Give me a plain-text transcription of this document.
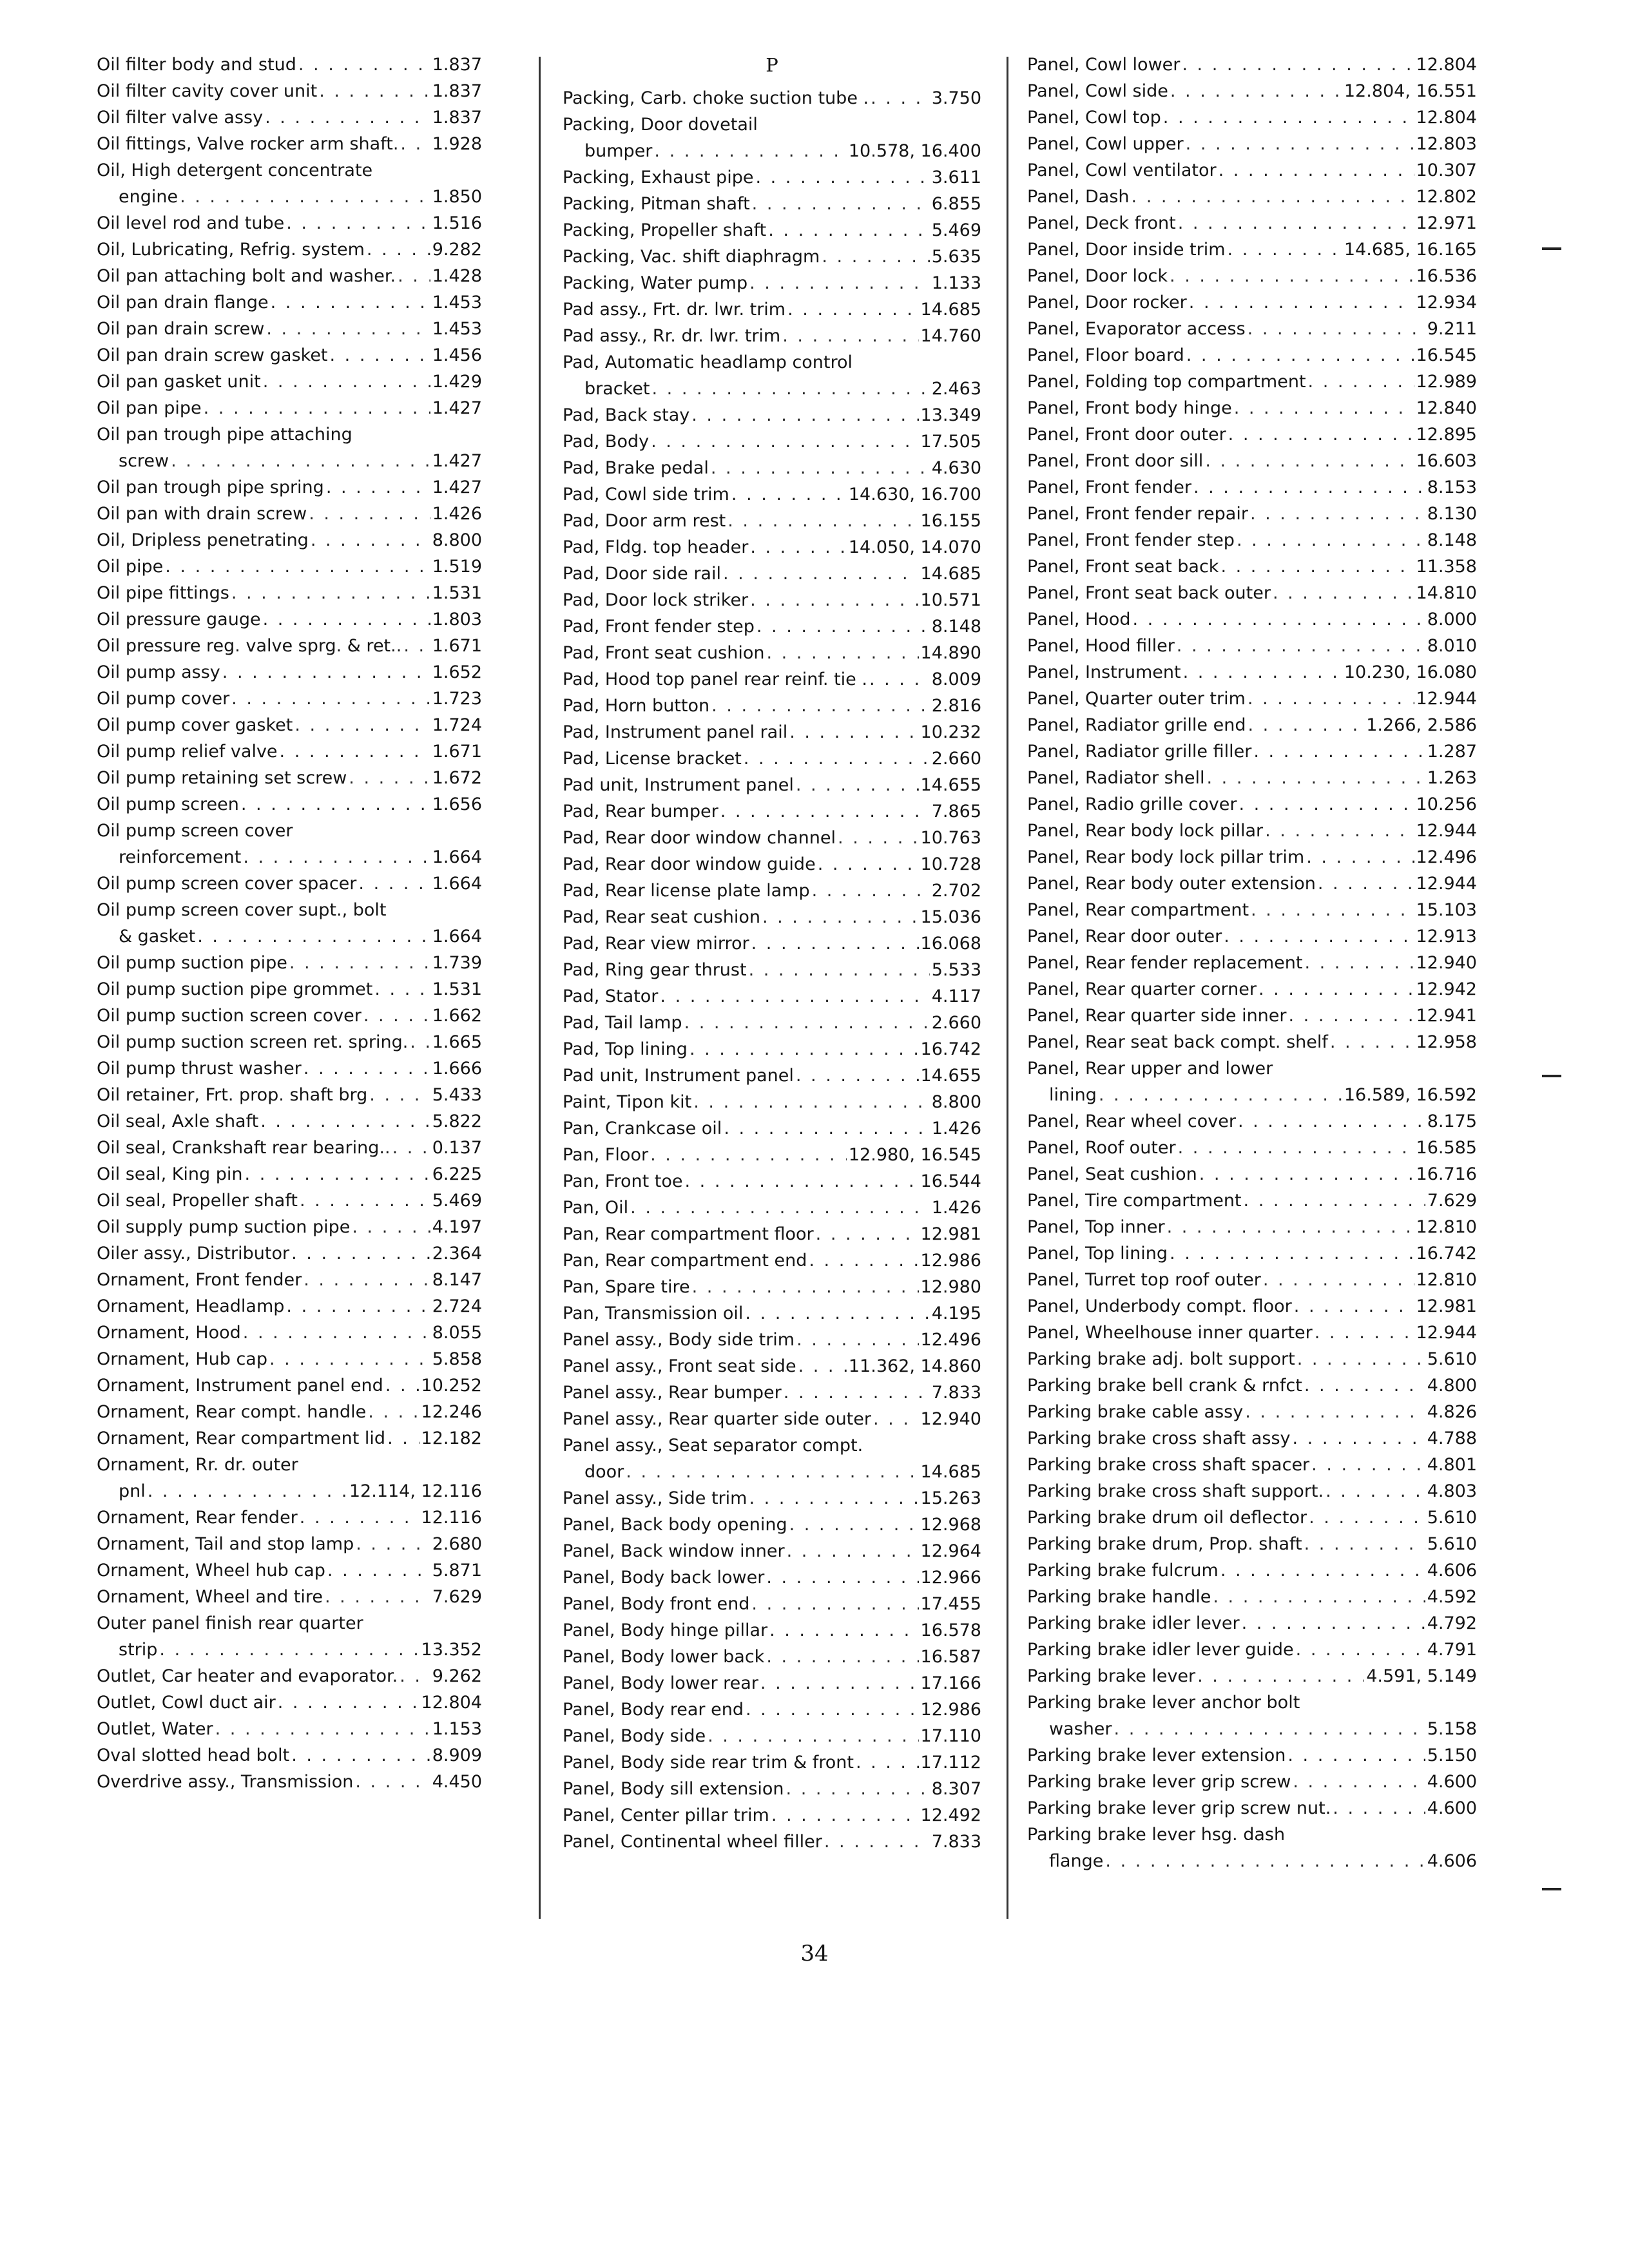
Oil filter body and stud . . .	1.837
Oil filter cavity cover unit . . .	1.837
Oil filter valve assy . . .	1.837
Oil fittings, Valve rocker arm shaft. . . . 1.928
Oil, High detergent concentrate
engine . . .	1.850
Oil level rod and tube . . .	1.516
Oil, Lubricating, Refrig. system . . .	9.282
Oil pan attaching bolt and washer. . . . 1.428
Oil pan drain flange . . .	1.453
Oil pan drain screw . . .	1.453
Oil pan drain screw gasket . . .	1.456
Oil pan gasket unit . . .	1.429
Oil pan pipe . . .	1.427
Oil pan trough pipe attaching
screw . . .	1.427
Oil pan trough pipe spring . . .	1.427
Oil pan with drain screw . . .	1.426
Oil, Dripless penetrating . . .	8.800
Oil pipe . . .	1.519
Oil pipe fittings . . .	1.531
Oil pressure gauge . . .	1.803
Oil pressure reg. valve sprg. & ret.. . . . 1.671
Oil pump assy . . .	1.652
Oil pump cover . . .	1.723
Oil pump cover gasket . . .	1.724
Oil pump relief valve . . .	1.671
Oil pump retaining set screw . . .	1.672
Oil pump screen . . .	1.656
Oil pump screen cover
reinforcement . . .	1.664
Oil pump screen cover spacer . . .	1.664
Oil pump screen cover supt., bolt
& gasket . . .	1.664
Oil pump suction pipe . . .	1.739
Oil pump suction pipe grommet . . .	1.531
Oil pump suction screen cover . . .	1.662
Oil pump suction screen ret. spring. . . . 1.665
Oil pump thrust washer . . .	1.666
Oil retainer, Frt. prop. shaft brg . . .	5.433
Oil seal, Axle shaft . . .	5.822
Oil seal, Crankshaft rear bearing.. . . . 0.137
Oil seal, King pin . . .	6.225
Oil seal, Propeller shaft . . .	5.469
Oil supply pump suction pipe . . .	4.197
Oiler assy., Distributor . . .	2.364
Ornament, Front fender . . .	8.147
Ornament, Headlamp . . .	2.724
Ornament, Hood . . .	8.055
Ornament, Hub cap . . .	5.858
Ornament, Instrument panel end . . . 10.252
Ornament, Rear compt. handle . . .	12.246
Ornament, Rear compartment lid . . . 12.182
Ornament, Rr. dr. outer
pnl . . .	12.114, 12.116
Ornament, Rear fender . . .	12.116
Ornament, Tail and stop lamp . . .	2.680
Ornament, Wheel hub cap . . .	5.871
Ornament, Wheel and tire . . .	7.629
Outer panel finish rear quarter
strip . . .	13.352
Outlet, Car heater and evaporator. . . . 9.262
Outlet, Cowl duct air . . .	12.804
Outlet, Water . . .	1.153
Oval slotted head bolt . . .	8.909
Overdrive assy., Transmission . . .	4.450
P
Packing, Carb. choke suction tube . . . .	3.750
Packing, Door dovetail
bumper . . .	10.578, 16.400
Packing, Exhaust pipe . . .	3.611
Packing, Pitman shaft . . .	6.855
Packing, Propeller shaft . . .	5.469
Packing, Vac. shift diaphragm . . .	5.635
Packing, Water pump . . .	1.133
Pad assy., Frt. dr. lwr. trim . . .	14.685
Pad assy., Rr. dr. lwr. trim . . .	14.760
Pad, Automatic headlamp control
bracket . . .	2.463
Pad, Back stay . . .	13.349
Pad, Body . . .	17.505
Pad, Brake pedal . . .	4.630
Pad, Cowl side trim . . .	14.630, 16.700
Pad, Door arm rest . . .	16.155
Pad, Fldg. top header . . .	14.050, 14.070
Pad, Door side rail . . .	14.685
Pad, Door lock striker . . .	10.571
Pad, Front fender step . . .	8.148
Pad, Front seat cushion . . .	14.890
Pad, Hood top panel rear reinf. tie . . . .	8.009
Pad, Horn button . . .	2.816
Pad, Instrument panel rail . . .	10.232
Pad, License bracket . . .	2.660
Pad unit, Instrument panel . . .	14.655
Pad, Rear bumper . . .	7.865
Pad, Rear door window channel . . .	10.763
Pad, Rear door window guide . . .	10.728
Pad, Rear license plate lamp . . .	2.702
Pad, Rear seat cushion . . .	15.036
Pad, Rear view mirror . . .	16.068
Pad, Ring gear thrust . . .	5.533
Pad, Stator . . .	4.117
Pad, Tail lamp . . .	2.660
Pad, Top lining . . .	16.742
Pad unit, Instrument panel . . .	14.655
Paint, Tipon kit . . .	8.800
Pan, Crankcase oil . . .	1.426
Pan, Floor . . .	12.980, 16.545
Pan, Front toe . . .	16.544
Pan, Oil . . .	1.426
Pan, Rear compartment floor . . .	12.981
Pan, Rear compartment end . . .	12.986
Pan, Spare tire . . .	12.980
Pan, Transmission oil . . .	4.195
Panel assy., Body side trim . . .	12.496
Panel assy., Front seat side . . .	11.362, 14.860
Panel assy., Rear bumper . . .	7.833
Panel assy., Rear quarter side outer . . .	12.940
Panel assy., Seat separator compt.
door . . .	14.685
Panel assy., Side trim . . .	15.263
Panel, Back body opening . . .	12.968
Panel, Back window inner . . .	12.964
Panel, Body back lower . . .	12.966
Panel, Body front end . . .	17.455
Panel, Body hinge pillar . . .	16.578
Panel, Body lower back . . .	16.587
Panel, Body lower rear . . .	17.166
Panel, Body rear end . . .	12.986
Panel, Body side . . .	17.110
Panel, Body side rear trim & front . . .	17.112
Panel, Body sill extension . . .	8.307
Panel, Center pillar trim . . .	12.492
Panel, Continental wheel filler . . .	7.833
Panel, Cowl lower . . .	12.804
Panel, Cowl side . . .	12.804, 16.551
Panel, Cowl top . . .	12.804
Panel, Cowl upper . . .	12.803
Panel, Cowl ventilator . . .	10.307
Panel, Dash . . .	12.802
Panel, Deck front . . .	12.971
Panel, Door inside trim . . .	14.685, 16.165
Panel, Door lock . . .	16.536
Panel, Door rocker . . .	12.934
Panel, Evaporator access . . .	9.211
Panel, Floor board . . .	16.545
Panel, Folding top compartment . . .	12.989
Panel, Front body hinge . . .	12.840
Panel, Front door outer . . .	12.895
Panel, Front door sill . . .	16.603
Panel, Front fender . . .	8.153
Panel, Front fender repair . . .	8.130
Panel, Front fender step . . .	8.148
Panel, Front seat back . . .	11.358
Panel, Front seat back outer . . .	14.810
Panel, Hood . . .	8.000
Panel, Hood filler . . .	8.010
Panel, Instrument . . .	10.230, 16.080
Panel, Quarter outer trim . . .	12.944
Panel, Radiator grille end . . .	1.266, 2.586
Panel, Radiator grille filler . . .	1.287
Panel, Radiator shell . . .	1.263
Panel, Radio grille cover . . .	10.256
Panel, Rear body lock pillar . . .	12.944
Panel, Rear body lock pillar trim . . .	12.496
Panel, Rear body outer extension . . .	12.944
Panel, Rear compartment . . .	15.103
Panel, Rear door outer . . .	12.913
Panel, Rear fender replacement . . .	12.940
Panel, Rear quarter corner . . .	12.942
Panel, Rear quarter side inner . . .	12.941
Panel, Rear seat back compt. shelf . . .	12.958
Panel, Rear upper and lower
lining . . .	16.589, 16.592
Panel, Rear wheel cover . . .	8.175
Panel, Roof outer . . .	16.585
Panel, Seat cushion . . .	16.716
Panel, Tire compartment . . .	7.629
Panel, Top inner . . .	12.810
Panel, Top lining . . .	16.742
Panel, Turret top roof outer . . .	12.810
Panel, Underbody compt. floor . . .	12.981
Panel, Wheelhouse inner quarter . . .	12.944
Parking brake adj. bolt support . . .	5.610
Parking brake bell crank & rnfct . . .	4.800
Parking brake cable assy . . .	4.826
Parking brake cross shaft assy . . .	4.788
Parking brake cross shaft spacer . . .	4.801
Parking brake cross shaft support. . . .	4.803
Parking brake drum oil deflector . . .	5.610
Parking brake drum, Prop. shaft . . .	5.610
Parking brake fulcrum . . .	4.606
Parking brake handle . . .	4.592
Parking brake idler lever . . .	4.792
Parking brake idler lever guide . . .	4.791
Parking brake lever . . .	4.591, 5.149
Parking brake lever anchor bolt
washer . . .	5.158
Parking brake lever extension . . .	5.150
Parking brake lever grip screw . . .	4.600
Parking brake lever grip screw nut. . . .	4.600
Parking brake lever hsg. dash
flange . . .	4.606
34
